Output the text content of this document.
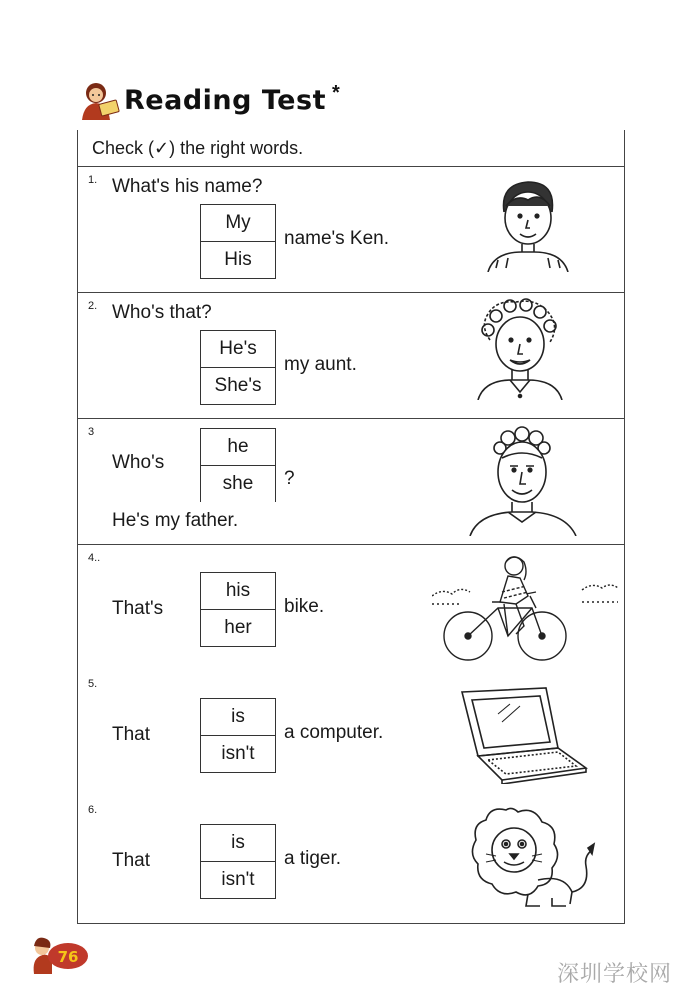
Reading Test *
Check (✓) the right words.
1. What's his name?
My
His
name's Ken.
2. Who's that?
He's
She's
my aunt.
3
Who's
he
she	?
He's my father.
4..
That's
his
her
bike.
5.
That
is
isn't
a computer.
6.
That
is
isn't
a tiger.
76
深圳学校网
